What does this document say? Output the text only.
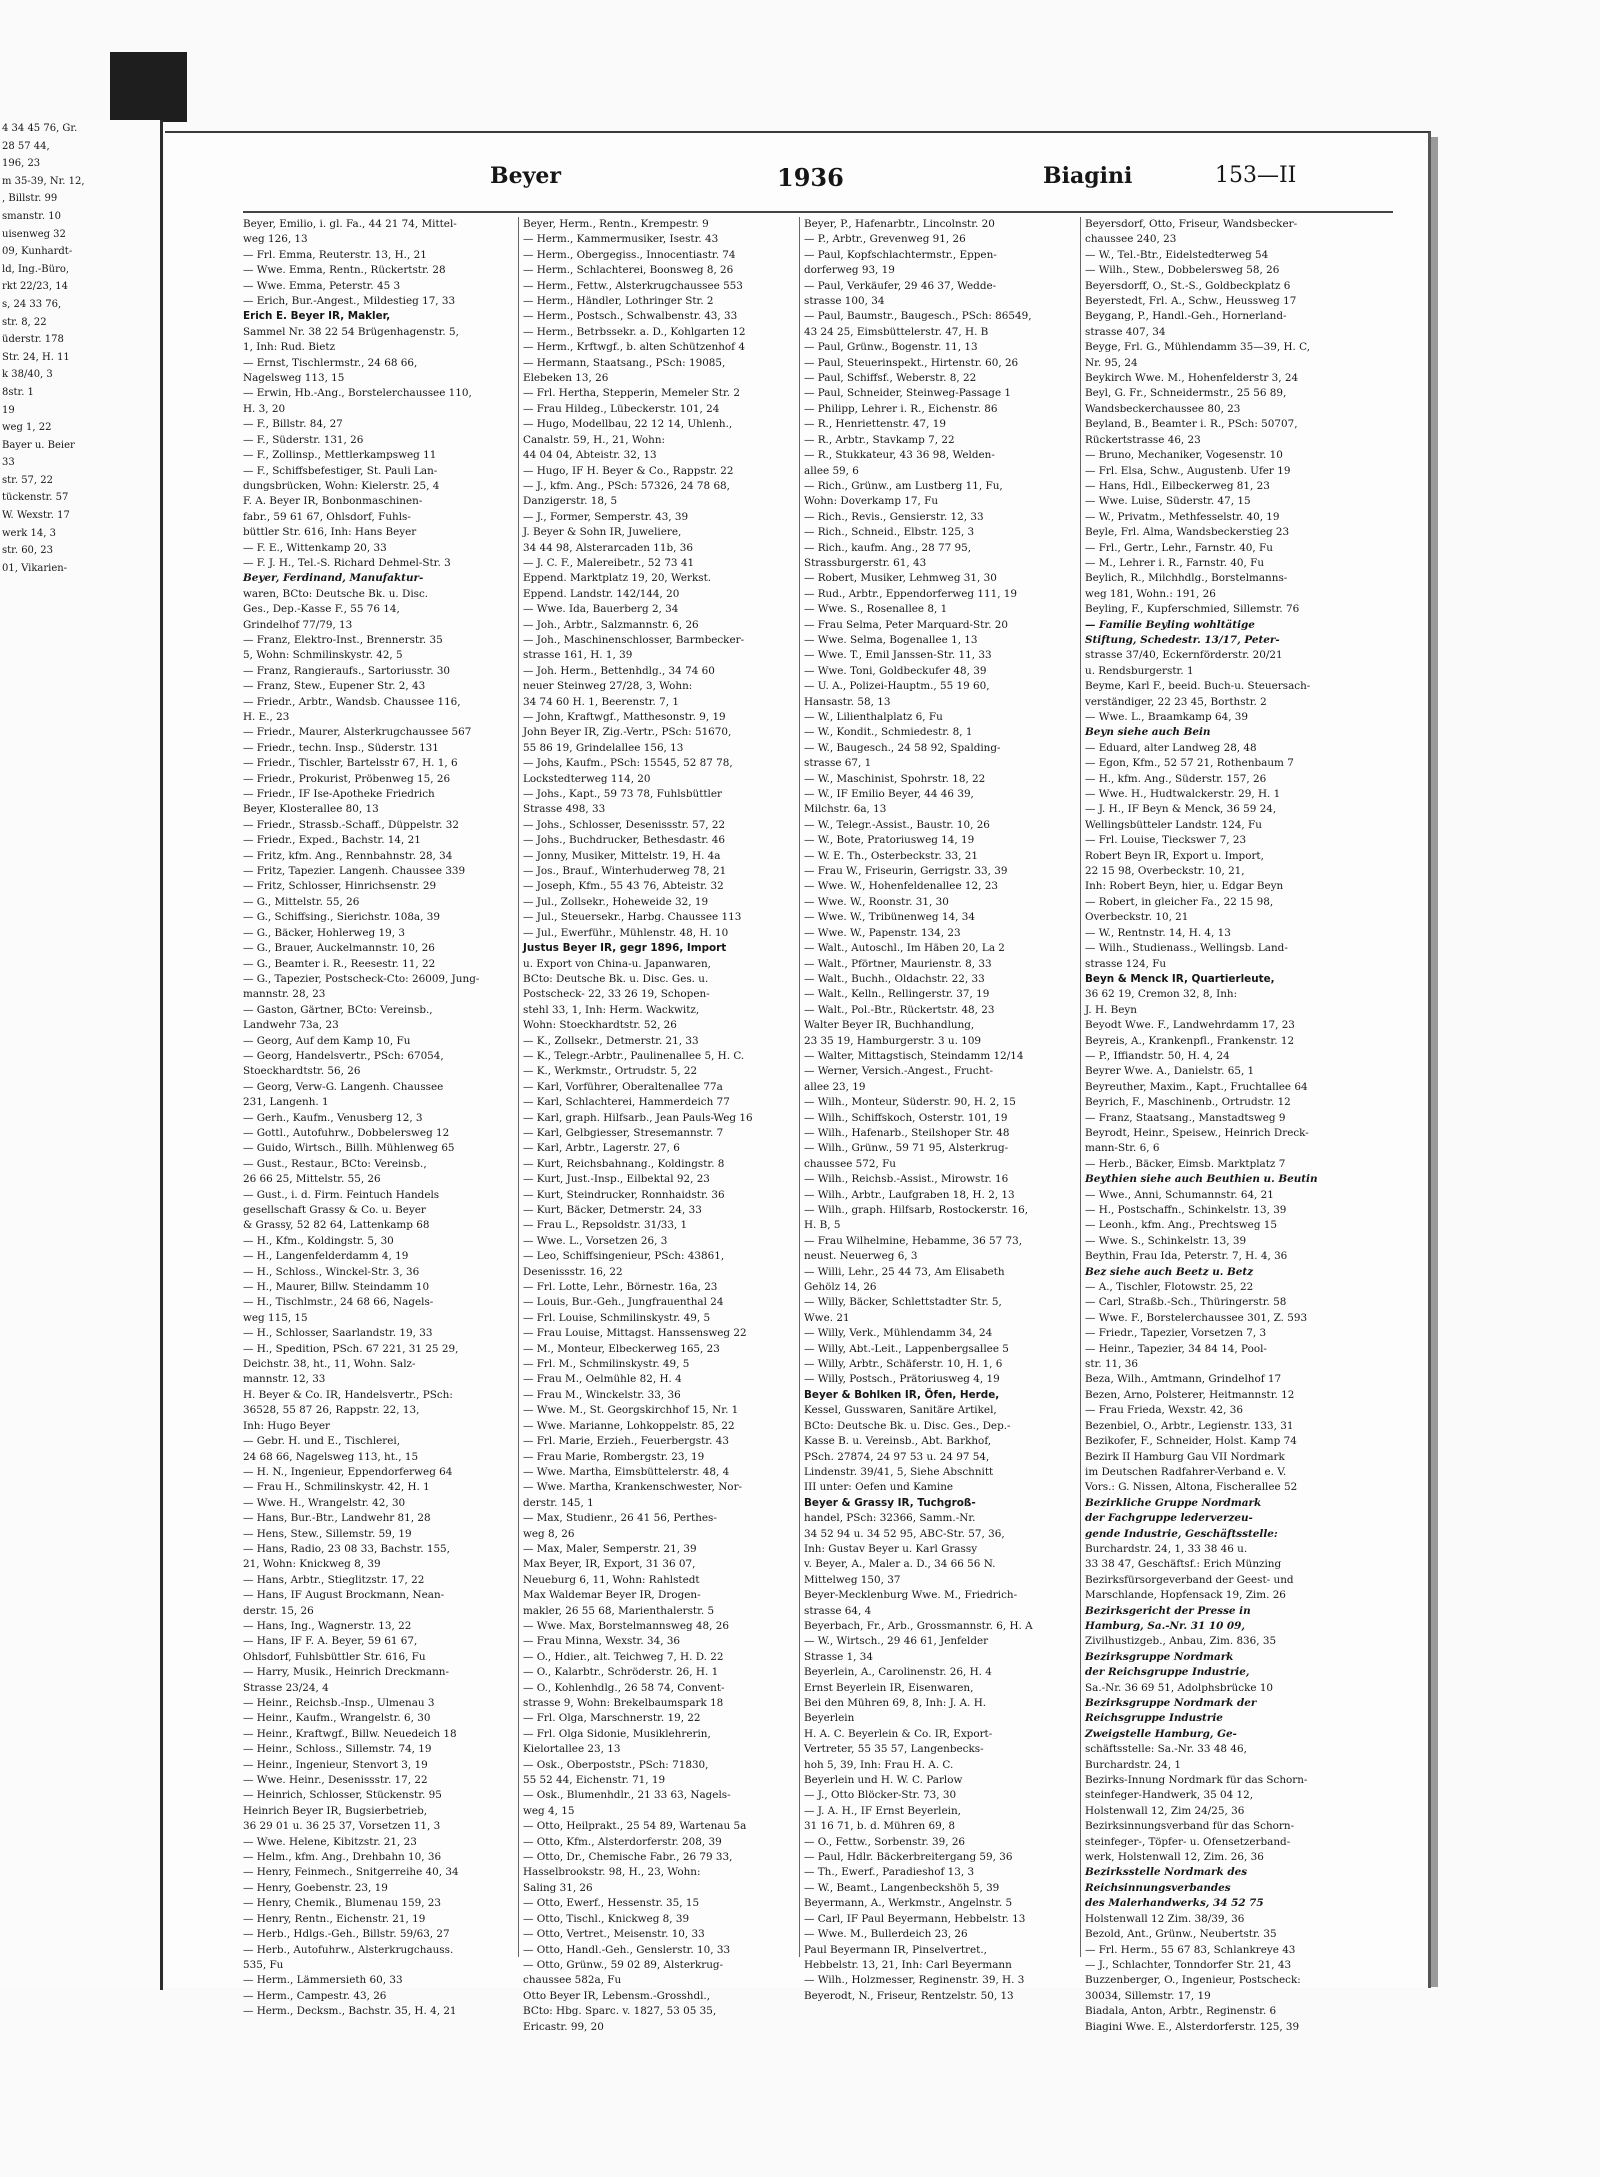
4 34 45 76, Gr.
28 57 44,
196, 23
m 35-39, Nr. 12,
, Billstr. 99
smanstr. 10
uisenweg 32
09, Kunhardt-
ld, Ing.-Büro,
rkt 22/23, 14
s, 24 33 76,
str. 8, 22
üderstr. 178
Str. 24, H. 11
k 38/40, 3
8str. 1
19
weg 1, 22
Bayer u. Beier
33
str. 57, 22
tückenstr. 57
W. Wexstr. 17
werk 14, 3
str. 60, 23
01, Vikarien-
Beyer	1936	Biagini	153—II
Beyer, Emilio, i. gl. Fa., 44 21 74, Mittel-
weg 126, 13
— Frl. Emma, Reuterstr. 13, H., 21
— Wwe. Emma, Rentn., Rückertstr. 28
— Wwe. Emma, Peterstr. 45 3
— Erich, Bur.-Angest., Mildestieg 17, 33
Erich E. Beyer IR, Makler,
Sammel Nr. 38 22 54 Brügenhagenstr. 5,
1, Inh: Rud. Bietz
— Ernst, Tischlermstr., 24 68 66,
Nagelsweg 113, 15
— Erwin, Hb.-Ang., Borstelerchaussee 110,
H. 3, 20
— F., Billstr. 84, 27
— F., Süderstr. 131, 26
— F., Zollinsp., Mettlerkampsweg 11
— F., Schiffsbefestiger, St. Pauli Lan-
dungsbrücken, Wohn: Kielerstr. 25, 4
F. A. Beyer IR, Bonbonmaschinen-
fabr., 59 61 67, Ohlsdorf, Fuhls-
büttler Str. 616, Inh: Hans Beyer
— F. E., Wittenkamp 20, 33
— F. J. H., Tel.-S. Richard Dehmel-Str. 3
Beyer, Ferdinand, Manufaktur-
waren, BCto: Deutsche Bk. u. Disc.
Ges., Dep.-Kasse F., 55 76 14,
Grindelhof 77/79, 13
— Franz, Elektro-Inst., Brennerstr. 35
5, Wohn: Schmilinskystr. 42, 5
— Franz, Rangieraufs., Sartoriusstr. 30
— Franz, Stew., Eupener Str. 2, 43
— Friedr., Arbtr., Wandsb. Chaussee 116,
H. E., 23
— Friedr., Maurer, Alsterkrugchaussee 567
— Friedr., techn. Insp., Süderstr. 131
— Friedr., Tischler, Bartelsstr 67, H. 1, 6
— Friedr., Prokurist, Pröbenweg 15, 26
— Friedr., IF Ise-Apotheke Friedrich
Beyer, Klosterallee 80, 13
— Friedr., Strassb.-Schaff., Düppelstr. 32
— Friedr., Exped., Bachstr. 14, 21
— Fritz, kfm. Ang., Rennbahnstr. 28, 34
— Fritz, Tapezier. Langenh. Chaussee 339
— Fritz, Schlosser, Hinrichsenstr. 29
— G., Mittelstr. 55, 26
— G., Schiffsing., Sierichstr. 108a, 39
— G., Bäcker, Hohlerweg 19, 3
— G., Brauer, Auckelmannstr. 10, 26
— G., Beamter i. R., Reesestr. 11, 22
— G., Tapezier, Postscheck-Cto: 26009, Jung-
mannstr. 28, 23
— Gaston, Gärtner, BCto: Vereinsb.,
Landwehr 73a, 23
— Georg, Auf dem Kamp 10, Fu
— Georg, Handelsvertr., PSch: 67054,
Stoeckhardtstr. 56, 26
— Georg, Verw-G. Langenh. Chaussee
231, Langenh. 1
— Gerh., Kaufm., Venusberg 12, 3
— Gottl., Autofuhrw., Dobbelersweg 12
— Guido, Wirtsch., Billh. Mühlenweg 65
— Gust., Restaur., BCto: Vereinsb.,
26 66 25, Mittelstr. 55, 26
— Gust., i. d. Firm. Feintuch Handels
gesellschaft Grassy & Co. u. Beyer
& Grassy, 52 82 64, Lattenkamp 68
— H., Kfm., Koldingstr. 5, 30
— H., Langenfelderdamm 4, 19
— H., Schloss., Winckel-Str. 3, 36
— H., Maurer, Billw. Steindamm 10
— H., Tischlmstr., 24 68 66, Nagels-
weg 115, 15
— H., Schlosser, Saarlandstr. 19, 33
— H., Spedition, PSch. 67 221, 31 25 29,
Deichstr. 38, ht., 11, Wohn. Salz-
mannstr. 12, 33
H. Beyer & Co. IR, Handelsvertr., PSch:
36528, 55 87 26, Rappstr. 22, 13,
Inh: Hugo Beyer
— Gebr. H. und E., Tischlerei,
24 68 66, Nagelsweg 113, ht., 15
— H. N., Ingenieur, Eppendorferweg 64
— Frau H., Schmilinskystr. 42, H. 1
— Wwe. H., Wrangelstr. 42, 30
— Hans, Bur.-Btr., Landwehr 81, 28
— Hens, Stew., Sillemstr. 59, 19
— Hans, Radio, 23 08 33, Bachstr. 155,
21, Wohn: Knickweg 8, 39
— Hans, Arbtr., Stieglitzstr. 17, 22
— Hans, IF August Brockmann, Nean-
derstr. 15, 26
— Hans, Ing., Wagnerstr. 13, 22
— Hans, IF F. A. Beyer, 59 61 67,
Ohlsdorf, Fuhlsbüttler Str. 616, Fu
— Harry, Musik., Heinrich Dreckmann-
Strasse 23/24, 4
— Heinr., Reichsb.-Insp., Ulmenau 3
— Heinr., Kaufm., Wrangelstr. 6, 30
— Heinr., Kraftwgf., Billw. Neuedeich 18
— Heinr., Schloss., Sillemstr. 74, 19
— Heinr., Ingenieur, Stenvort 3, 19
— Wwe. Heinr., Desenissstr. 17, 22
— Heinrich, Schlosser, Stückenstr. 95
Heinrich Beyer IR, Bugsierbetrieb,
36 29 01 u. 36 25 37, Vorsetzen 11, 3
— Wwe. Helene, Kibitzstr. 21, 23
— Helm., kfm. Ang., Drehbahn 10, 36
— Henry, Feinmech., Snitgerreihe 40, 34
— Henry, Goebenstr. 23, 19
— Henry, Chemik., Blumenau 159, 23
— Henry, Rentn., Eichenstr. 21, 19
— Herb., Hdlgs.-Geh., Billstr. 59/63, 27
— Herb., Autofuhrw., Alsterkrugchauss.
535, Fu
— Herm., Lämmersieth 60, 33
— Herm., Campestr. 43, 26
— Herm., Decksm., Bachstr. 35, H. 4, 21
Beyer, Herm., Rentn., Krempestr. 9
— Herm., Kammermusiker, Isestr. 43
— Herm., Obergegiss., Innocentiastr. 74
— Herm., Schlachterei, Boonsweg 8, 26
— Herm., Fettw., Alsterkrugchaussee 553
— Herm., Händler, Lothringer Str. 2
— Herm., Postsch., Schwalbenstr. 43, 33
— Herm., Betrbssekr. a. D., Kohlgarten 12
— Herm., Krftwgf., b. alten Schützenhof 4
— Hermann, Staatsang., PSch: 19085,
Elebeken 13, 26
— Frl. Hertha, Stepperin, Memeler Str. 2
— Frau Hildeg., Lübeckerstr. 101, 24
— Hugo, Modellbau, 22 12 14, Uhlenh.,
Canalstr. 59, H., 21, Wohn:
44 04 04, Abteistr. 32, 13
— Hugo, IF H. Beyer & Co., Rappstr. 22
— J., kfm. Ang., PSch: 57326, 24 78 68,
Danzigerstr. 18, 5
— J., Former, Semperstr. 43, 39
J. Beyer & Sohn IR, Juweliere,
34 44 98, Alsterarcaden 11b, 36
— J. C. F., Malereibetr., 52 73 41
Eppend. Marktplatz 19, 20, Werkst.
Eppend. Landstr. 142/144, 20
— Wwe. Ida, Bauerberg 2, 34
— Joh., Arbtr., Salzmannstr. 6, 26
— Joh., Maschinenschlosser, Barmbecker-
strasse 161, H. 1, 39
— Joh. Herm., Bettenhdlg., 34 74 60
neuer Steinweg 27/28, 3, Wohn:
34 74 60 H. 1, Beerenstr. 7, 1
— John, Kraftwgf., Matthesonstr. 9, 19
John Beyer IR, Zig.-Vertr., PSch: 51670,
55 86 19, Grindelallee 156, 13
— Johs, Kaufm., PSch: 15545, 52 87 78,
Lockstedterweg 114, 20
— Johs., Kapt., 59 73 78, Fuhlsbüttler
Strasse 498, 33
— Johs., Schlosser, Desenissstr. 57, 22
— Johs., Buchdrucker, Bethesdastr. 46
— Jonny, Musiker, Mittelstr. 19, H. 4a
— Jos., Brauf., Winterhuderweg 78, 21
— Joseph, Kfm., 55 43 76, Abteistr. 32
— Jul., Zollsekr., Hoheweide 32, 19
— Jul., Steuersekr., Harbg. Chaussee 113
— Jul., Ewerführ., Mühlenstr. 48, H. 10
Justus Beyer IR, gegr 1896, Import
u. Export von China-u. Japanwaren,
BCto: Deutsche Bk. u. Disc. Ges. u.
Postscheck- 22, 33 26 19, Schopen-
stehl 33, 1, Inh: Herm. Wackwitz,
Wohn: Stoeckhardtstr. 52, 26
— K., Zollsekr., Detmerstr. 21, 33
— K., Telegr.-Arbtr., Paulinenallee 5, H. C.
— K., Werkmstr., Ortrudstr. 5, 22
— Karl, Vorführer, Oberaltenallee 77a
— Karl, Schlachterei, Hammerdeich 77
— Karl, graph. Hilfsarb., Jean Pauls-Weg 16
— Karl, Gelbgiesser, Stresemannstr. 7
— Karl, Arbtr., Lagerstr. 27, 6
— Kurt, Reichsbahnang., Koldingstr. 8
— Kurt, Just.-Insp., Eilbektal 92, 23
— Kurt, Steindrucker, Ronnhaidstr. 36
— Kurt, Bäcker, Detmerstr. 24, 33
— Frau L., Repsoldstr. 31/33, 1
— Wwe. L., Vorsetzen 26, 3
— Leo, Schiffsingenieur, PSch: 43861,
Desenissstr. 16, 22
— Frl. Lotte, Lehr., Börnestr. 16a, 23
— Louis, Bur.-Geh., Jungfrauenthal 24
— Frl. Louise, Schmilinskystr. 49, 5
— Frau Louise, Mittagst. Hanssensweg 22
— M., Monteur, Elbeckerweg 165, 23
— Frl. M., Schmilinskystr. 49, 5
— Frau M., Oelmühle 82, H. 4
— Frau M., Winckelstr. 33, 36
— Wwe. M., St. Georgskirchhof 15, Nr. 1
— Wwe. Marianne, Lohkoppelstr. 85, 22
— Frl. Marie, Erzieh., Feuerbergstr. 43
— Frau Marie, Rombergstr. 23, 19
— Wwe. Martha, Eimsbüttelerstr. 48, 4
— Wwe. Martha, Krankenschwester, Nor-
derstr. 145, 1
— Max, Studienr., 26 41 56, Perthes-
weg 8, 26
— Max, Maler, Semperstr. 21, 39
Max Beyer, IR, Export, 31 36 07,
Neueburg 6, 11, Wohn: Rahlstedt
Max Waldemar Beyer IR, Drogen-
makler, 26 55 68, Marienthalerstr. 5
— Wwe. Max, Borstelmannsweg 48, 26
— Frau Minna, Wexstr. 34, 36
— O., Hdier., alt. Teichweg 7, H. D. 22
— O., Kalarbtr., Schröderstr. 26, H. 1
— O., Kohlenhdlg., 26 58 74, Convent-
strasse 9, Wohn: Brekelbaumspark 18
— Frl. Olga, Marschnerstr. 19, 22
— Frl. Olga Sidonie, Musiklehrerin,
Kielortallee 23, 13
— Osk., Oberpoststr., PSch: 71830,
55 52 44, Eichenstr. 71, 19
— Osk., Blumenhdlr., 21 33 63, Nagels-
weg 4, 15
— Otto, Heilprakt., 25 54 89, Wartenau 5a
— Otto, Kfm., Alsterdorferstr. 208, 39
— Otto, Dr., Chemische Fabr., 26 79 33,
Hasselbrookstr. 98, H., 23, Wohn:
Saling 31, 26
— Otto, Ewerf., Hessenstr. 35, 15
— Otto, Tischl., Knickweg 8, 39
— Otto, Vertret., Meisenstr. 10, 33
— Otto, Handl.-Geh., Genslerstr. 10, 33
— Otto, Grünw., 59 02 89, Alsterkrug-
chaussee 582a, Fu
Otto Beyer IR, Lebensm.-Grosshdl.,
BCto: Hbg. Sparc. v. 1827, 53 05 35,
Ericastr. 99, 20
Beyer, P., Hafenarbtr., Lincolnstr. 20
— P., Arbtr., Grevenweg 91, 26
— Paul, Kopfschlachtermstr., Eppen-
dorferweg 93, 19
— Paul, Verkäufer, 29 46 37, Wedde-
strasse 100, 34
— Paul, Baumstr., Baugesch., PSch: 86549,
43 24 25, Eimsbüttelerstr. 47, H. B
— Paul, Grünw., Bogenstr. 11, 13
— Paul, Steuerinspekt., Hirtenstr. 60, 26
— Paul, Schiffsf., Weberstr. 8, 22
— Paul, Schneider, Steinweg-Passage 1
— Philipp, Lehrer i. R., Eichenstr. 86
— R., Henriettenstr. 47, 19
— R., Arbtr., Stavkamp 7, 22
— R., Stukkateur, 43 36 98, Welden-
allee 59, 6
— Rich., Grünw., am Lustberg 11, Fu,
Wohn: Doverkamp 17, Fu
— Rich., Revis., Gensierstr. 12, 33
— Rich., Schneid., Elbstr. 125, 3
— Rich., kaufm. Ang., 28 77 95,
Strassburgerstr. 61, 43
— Robert, Musiker, Lehmweg 31, 30
— Rud., Arbtr., Eppendorferweg 111, 19
— Wwe. S., Rosenallee 8, 1
— Frau Selma, Peter Marquard-Str. 20
— Wwe. Selma, Bogenallee 1, 13
— Wwe. T., Emil Janssen-Str. 11, 33
— Wwe. Toni, Goldbeckufer 48, 39
— U. A., Polizei-Hauptm., 55 19 60,
Hansastr. 58, 13
— W., Lilienthalplatz 6, Fu
— W., Kondit., Schmiedestr. 8, 1
— W., Baugesch., 24 58 92, Spalding-
strasse 67, 1
— W., Maschinist, Spohrstr. 18, 22
— W., IF Emilio Beyer, 44 46 39,
Milchstr. 6a, 13
— W., Telegr.-Assist., Baustr. 10, 26
— W., Bote, Pratoriusweg 14, 19
— W. E. Th., Osterbeckstr. 33, 21
— Frau W., Friseurin, Gerrigstr. 33, 39
— Wwe. W., Hohenfeldenallee 12, 23
— Wwe. W., Roonstr. 31, 30
— Wwe. W., Tribünenweg 14, 34
— Wwe. W., Papenstr. 134, 23
— Walt., Autoschl., Im Häben 20, La 2
— Walt., Pförtner, Maurienstr. 8, 33
— Walt., Buchh., Oldachstr. 22, 33
— Walt., Kelln., Rellingerstr. 37, 19
— Walt., Pol.-Btr., Rückertstr. 48, 23
Walter Beyer IR, Buchhandlung,
23 35 19, Hamburgerstr. 3 u. 109
— Walter, Mittagstisch, Steindamm 12/14
— Werner, Versich.-Angest., Frucht-
allee 23, 19
— Wilh., Monteur, Süderstr. 90, H. 2, 15
— Wilh., Schiffskoch, Osterstr. 101, 19
— Wilh., Hafenarb., Steilshoper Str. 48
— Wilh., Grünw., 59 71 95, Alsterkrug-
chaussee 572, Fu
— Wilh., Reichsb.-Assist., Mirowstr. 16
— Wilh., Arbtr., Laufgraben 18, H. 2, 13
— Wilh., graph. Hilfsarb, Rostockerstr. 16,
H. B, 5
— Frau Wilhelmine, Hebamme, 36 57 73,
neust. Neuerweg 6, 3
— Willi, Lehr., 25 44 73, Am Elisabeth
Gehölz 14, 26
— Willy, Bäcker, Schlettstadter Str. 5,
Wwe. 21
— Willy, Verk., Mühlendamm 34, 24
— Willy, Abt.-Leit., Lappenbergsallee 5
— Willy, Arbtr., Schäferstr. 10, H. 1, 6
— Willy, Postsch., Prätoriusweg 4, 19
Beyer & Bohlken IR, Öfen, Herde,
Kessel, Gusswaren, Sanitäre Artikel,
BCto: Deutsche Bk. u. Disc. Ges., Dep.-
Kasse B. u. Vereinsb., Abt. Barkhof,
PSch. 27874, 24 97 53 u. 24 97 54,
Lindenstr. 39/41, 5, Siehe Abschnitt
III unter: Oefen und Kamine
Beyer & Grassy IR, Tuchgroß-
handel, PSch: 32366, Samm.-Nr.
34 52 94 u. 34 52 95, ABC-Str. 57, 36,
Inh: Gustav Beyer u. Karl Grassy
v. Beyer, A., Maler a. D., 34 66 56 N.
Mittelweg 150, 37
Beyer-Mecklenburg Wwe. M., Friedrich-
strasse 64, 4
Beyerbach, Fr., Arb., Grossmannstr. 6, H. A
— W., Wirtsch., 29 46 61, Jenfelder
Strasse 1, 34
Beyerlein, A., Carolinenstr. 26, H. 4
Ernst Beyerlein IR, Eisenwaren,
Bei den Mühren 69, 8, Inh: J. A. H.
Beyerlein
H. A. C. Beyerlein & Co. IR, Export-
Vertreter, 55 35 57, Langenbecks-
hoh 5, 39, Inh: Frau H. A. C.
Beyerlein und H. W. C. Parlow
— J., Otto Blöcker-Str. 73, 30
— J. A. H., IF Ernst Beyerlein,
31 16 71, b. d. Mühren 69, 8
— O., Fettw., Sorbenstr. 39, 26
— Paul, Hdlr. Bäckerbreitergang 59, 36
— Th., Ewerf., Paradieshof 13, 3
— W., Beamt., Langenbeckshöh 5, 39
Beyermann, A., Werkmstr., Angelnstr. 5
— Carl, IF Paul Beyermann, Hebbelstr. 13
— Wwe. M., Bullerdeich 23, 26
Paul Beyermann IR, Pinselvertret.,
Hebbelstr. 13, 21, Inh: Carl Beyermann
— Wilh., Holzmesser, Reginenstr. 39, H. 3
Beyerodt, N., Friseur, Rentzelstr. 50, 13
Beyersdorf, Otto, Friseur, Wandsbecker-
chaussee 240, 23
— W., Tel.-Btr., Eidelstedterweg 54
— Wilh., Stew., Dobbelersweg 58, 26
Beyersdorff, O., St.-S., Goldbeckplatz 6
Beyerstedt, Frl. A., Schw., Heussweg 17
Beygang, P., Handl.-Geh., Hornerland-
strasse 407, 34
Beyge, Frl. G., Mühlendamm 35—39, H. C,
Nr. 95, 24
Beykirch Wwe. M., Hohenfelderstr 3, 24
Beyl, G. Fr., Schneidermstr., 25 56 89,
Wandsbeckerchaussee 80, 23
Beyland, B., Beamter i. R., PSch: 50707,
Rückertstrasse 46, 23
— Bruno, Mechaniker, Vogesenstr. 10
— Frl. Elsa, Schw., Augustenb. Ufer 19
— Hans, Hdl., Eilbeckerweg 81, 23
— Wwe. Luise, Süderstr. 47, 15
— W., Privatm., Methfesselstr. 40, 19
Beyle, Frl. Alma, Wandsbeckerstieg 23
— Frl., Gertr., Lehr., Farnstr. 40, Fu
— M., Lehrer i. R., Farnstr. 40, Fu
Beylich, R., Milchhdlg., Borstelmanns-
weg 181, Wohn.: 191, 26
Beyling, F., Kupferschmied, Sillemstr. 76
— Familie Beyling wohltätige
Stiftung, Schedestr. 13/17, Peter-
strasse 37/40, Eckernförderstr. 20/21
u. Rendsburgerstr. 1
Beyme, Karl F., beeid. Buch-u. Steuersach-
verständiger, 22 23 45, Borthstr. 2
— Wwe. L., Braamkamp 64, 39
Beyn siehe auch Bein
— Eduard, alter Landweg 28, 48
— Egon, Kfm., 52 57 21, Rothenbaum 7
— H., kfm. Ang., Süderstr. 157, 26
— Wwe. H., Hudtwalckerstr. 29, H. 1
— J. H., IF Beyn & Menck, 36 59 24,
Wellingsbütteler Landstr. 124, Fu
— Frl. Louise, Tieckswег 7, 23
Robert Beyn IR, Export u. Import,
22 15 98, Overbeckstr. 10, 21,
Inh: Robert Beyn, hier, u. Edgar Beyn
— Robert, in gleicher Fa., 22 15 98,
Overbeckstr. 10, 21
— W., Rentnstr. 14, H. 4, 13
— Wilh., Studienass., Wellingsb. Land-
strasse 124, Fu
Beyn & Menck IR, Quartierleute,
36 62 19, Cremon 32, 8, Inh:
J. H. Beyn
Beyodt Wwe. F., Landwehrdamm 17, 23
Beyreis, A., Krankenpfl., Frankenstr. 12
— P., Iffiandstr. 50, H. 4, 24
Beyrer Wwe. A., Danielstr. 65, 1
Beyreuther, Maxim., Kapt., Fruchtallee 64
Beyrich, F., Maschinenb., Ortrudstr. 12
— Franz, Staatsang., Manstadtsweg 9
Beyrodt, Heinr., Speisew., Heinrich Dreck-
mann-Str. 6, 6
— Herb., Bäcker, Eimsb. Marktplatz 7
Beythien siehe auch Beuthien u. Beutin
— Wwe., Anni, Schumannstr. 64, 21
— H., Postschaffn., Schinkelstr. 13, 39
— Leonh., kfm. Ang., Prechtsweg 15
— Wwe. S., Schinkelstr. 13, 39
Beythin, Frau Ida, Peterstr. 7, H. 4, 36
Bez siehe auch Beetz u. Betz
— A., Tischler, Flotowstr. 25, 22
— Carl, Straßb.-Sch., Thüringerstr. 58
— Wwe. F., Borstelerchaussee 301, Z. 593
— Friedr., Tapezier, Vorsetzen 7, 3
— Heinr., Tapezier, 34 84 14, Pool-
str. 11, 36
Beza, Wilh., Amtmann, Grindelhof 17
Bezen, Arno, Polsterer, Heitmannstr. 12
— Frau Frieda, Wexstr. 42, 36
Bezenbiel, O., Arbtr., Legienstr. 133, 31
Bezikofer, F., Schneider, Holst. Kamp 74
Bezirk II Hamburg Gau VII Nordmark
im Deutschen Radfahrer-Verband e. V.
Vors.: G. Nissen, Altona, Fischerallee 52
Bezirkliche Gruppe Nordmark
der Fachgruppe lederverzeu-
gende Industrie, Geschäftsstelle:
Burchardstr. 24, 1, 33 38 46 u.
33 38 47, Geschäftsf.: Erich Münzing
Bezirksfürsorgeverband der Geest- und
Marschlande, Hopfensack 19, Zim. 26
Bezirksgericht der Presse in
Hamburg, Sa.-Nr. 31 10 09,
Zivilhustizgeb., Anbau, Zim. 836, 35
Bezirksgruppe Nordmark
der Reichsgruppe Industrie,
Sa.-Nr. 36 69 51, Adolphsbrücke 10
Bezirksgruppe Nordmark der
Reichsgruppe Industrie
Zweigstelle Hamburg, Ge-
schäftsstelle: Sa.-Nr. 33 48 46,
Burchardstr. 24, 1
Bezirks-Innung Nordmark für das Schorn-
steinfeger-Handwerk, 35 04 12,
Holstenwall 12, Zim 24/25, 36
Bezirksinnungsverband für das Schorn-
steinfeger-, Töpfer- u. Ofensetzerband-
werk, Holstenwall 12, Zim. 26, 36
Bezirksstelle Nordmark des
Reichsinnungsverbandes
des Malerhandwerks, 34 52 75
Holstenwall 12 Zim. 38/39, 36
Bezold, Ant., Grünw., Neubertstr. 35
— Frl. Herm., 55 67 83, Schlankreye 43
— J., Schlachter, Tonndorfer Str. 21, 43
Buzzenberger, O., Ingenieur, Postscheck:
30034, Sillemstr. 17, 19
Biadala, Anton, Arbtr., Reginenstr. 6
Biagini Wwe. E., Alsterdorferstr. 125, 39
